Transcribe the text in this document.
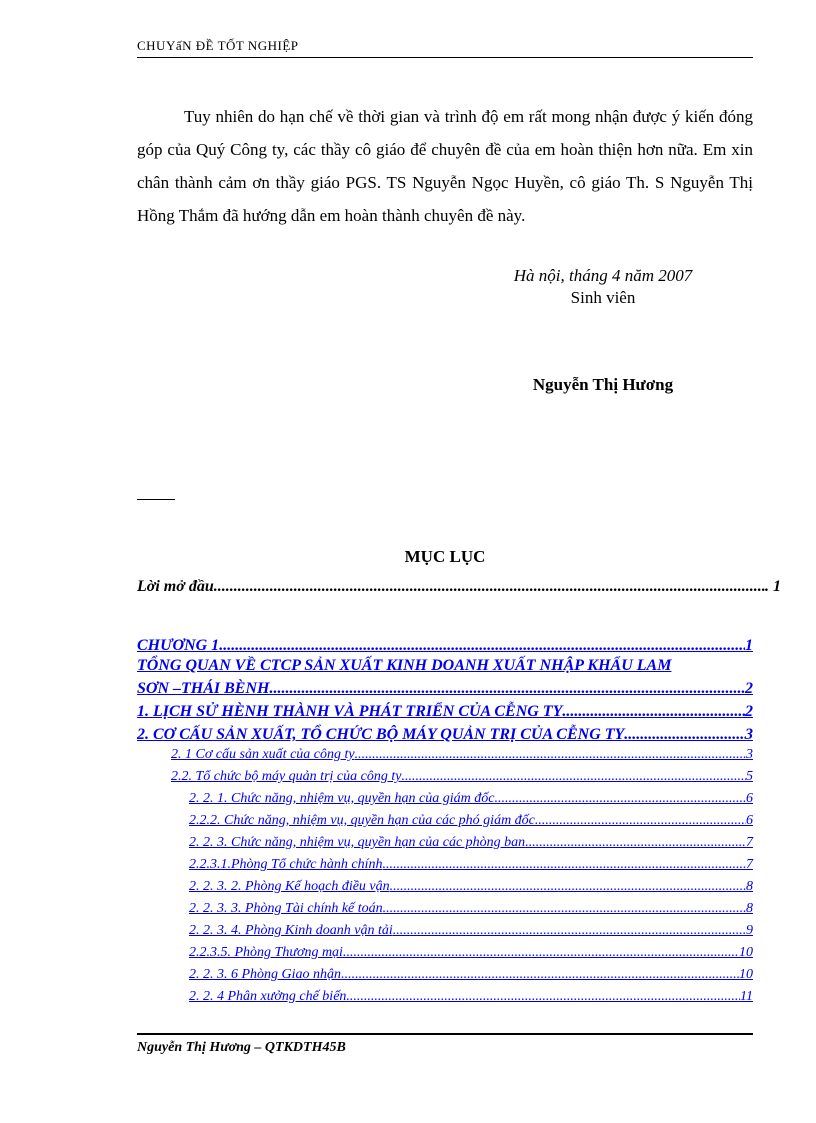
CHUYấN ĐỀ TỐT NGHIỆP

Tuy nhiên do hạn chế về thời gian và trình độ em rất mong nhận được ý kiến đóng góp của Quý Công ty, các thầy cô giáo để chuyên đề của em hoàn thiện hơn nữa. Em xin chân thành cảm ơn thầy giáo PGS. TS Nguyễn Ngọc Huyền, cô giáo Th. S Nguyễn Thị Hồng Thắm đã hướng dẫn em hoàn thành chuyên đề này.

Hà nội, tháng 4 năm 2007
Sinh viên
Nguyễn Thị Hương
MỤC LỤC
Lời mở đầu .....	. 1
CHƯƠNG 1 .....	1
TỔNG QUAN VỀ CTCP SẢN XUẤT KINH DOANH XUẤT NHẬP KHẨU LAM
SƠN –THÁI BÈNH .....	2
1. LỊCH SỬ HÈNH THÀNH VÀ PHÁT TRIỂN CỦA CỄNG TY .....	2
2. CƠ CẤU SẢN XUẤT, TỔ CHỨC BỘ MÁY QUẢN TRỊ CỦA CỄNG TY .....	3
2. 1 Cơ cấu sản xuất của công ty .....	3
2.2. Tổ chức bộ máy quản trị của công ty .....	5
2. 2. 1. Chức năng, nhiệm vụ, quyền hạn của giám đốc .....	6
2.2.2. Chức năng, nhiệm vụ, quyền hạn của các phó giám đốc .....	6
2. 2. 3. Chức năng, nhiệm vụ, quyền hạn của các phòng ban .....	7
2.2.3.1.Phòng Tổ chức hành chính .....	7
2. 2. 3. 2. Phòng Kế hoạch điều vận .....	8
2. 2. 3. 3. Phòng Tài chính kế toán .....	8
2. 2. 3. 4. Phòng Kinh doanh vận tải .....	9
2.2.3.5. Phòng Thương mại .....	10
2. 2. 3. 6 Phòng Giao nhận .....	10
2. 2. 4 Phân xưởng chế biến .....	11
Nguyễn Thị Hương – QTKDTH45B
